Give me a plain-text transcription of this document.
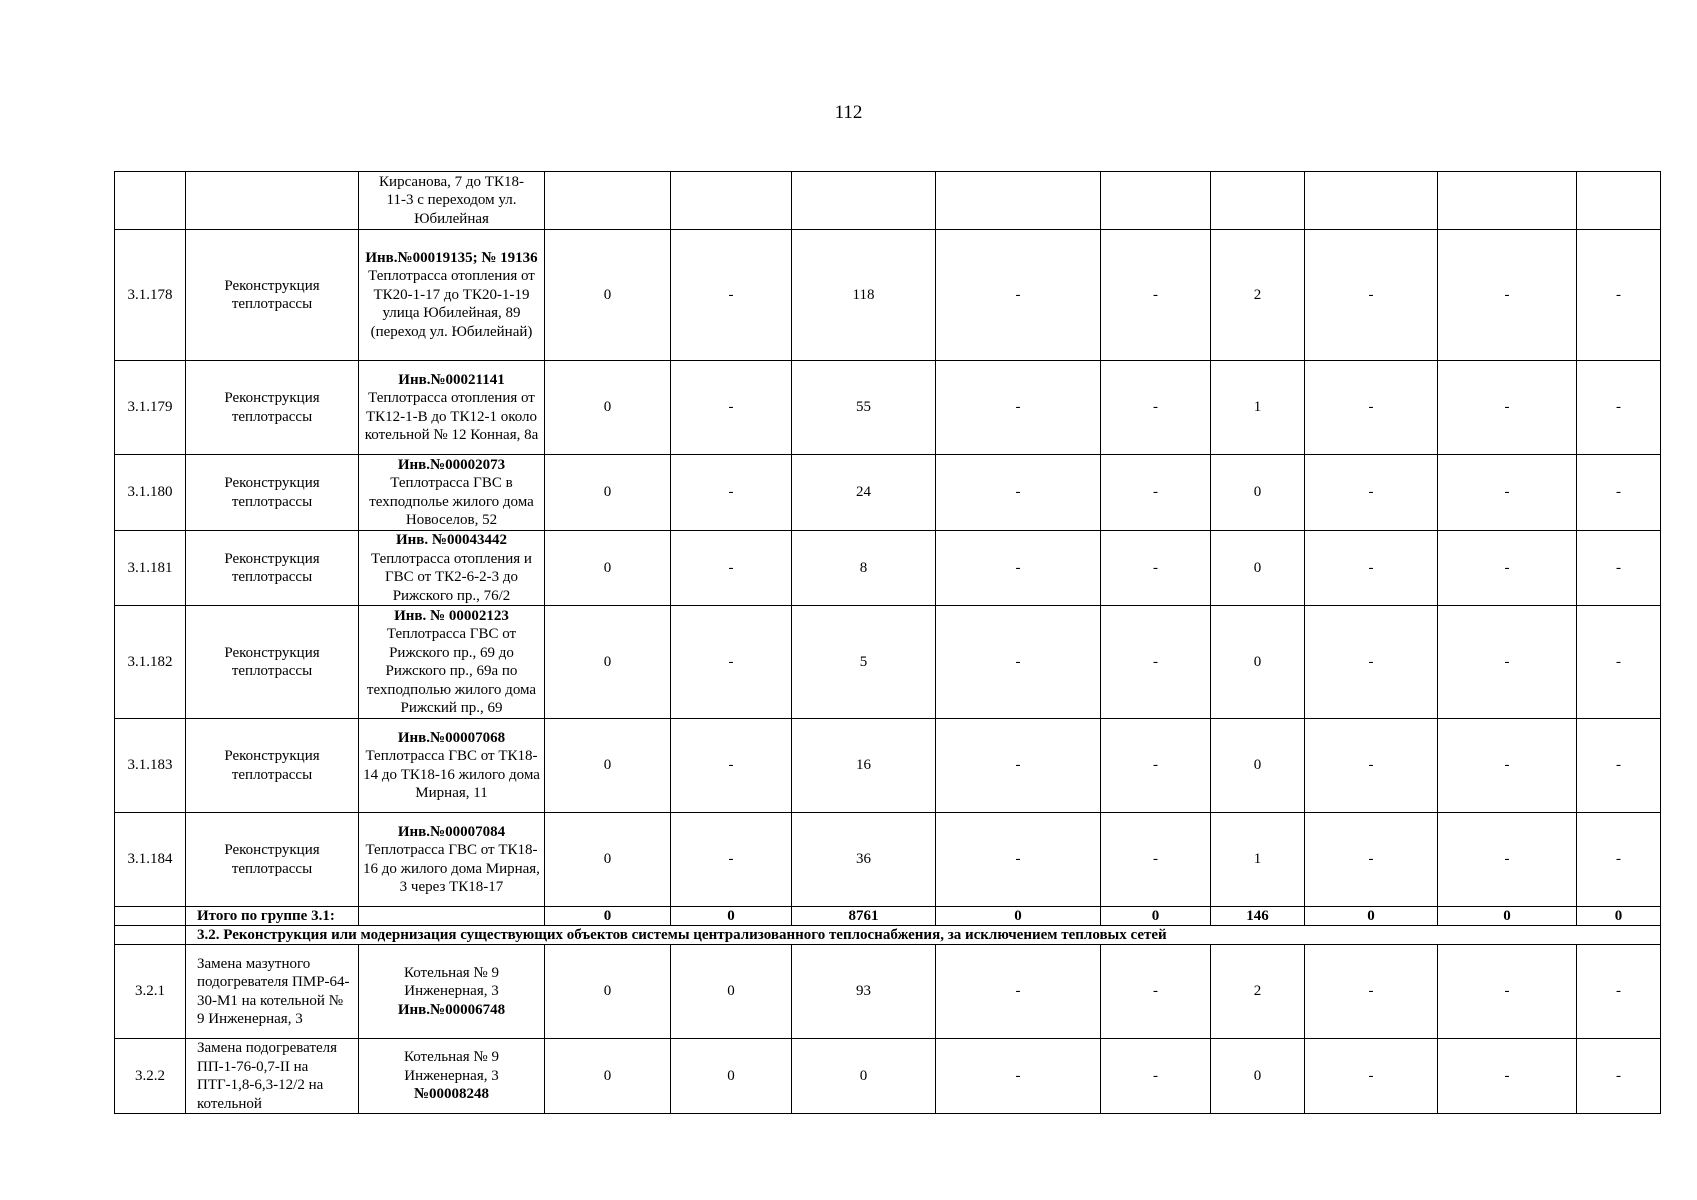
112

		Кирсанова, 7 до ТК18-
11-3 с переходом ул.
Юбилейная									

3.1.178	Реконструкция теплотрассы	Инв.№00019135; № 19136
Теплотрасса отопления от ТК20-1-17 до ТК20-1-19 улица Юбилейная, 89 (переход ул. Юбилейнай)	0	-	118	-	-	2	-	-	-
3.1.179	Реконструкция теплотрассы	Инв.№00021141
Теплотрасса отопления от ТК12-1-В до ТК12-1 около котельной № 12 Конная, 8а	0	-	55	-	-	1	-	-	-
3.1.180	Реконструкция теплотрассы	Инв.№00002073
Теплотрасса ГВС в техподполье жилого дома Новоселов, 52	0	-	24	-	-	0	-	-	-
3.1.181	Реконструкция теплотрассы	Инв. №00043442
Теплотрасса отопления и ГВС от ТК2-6-2-3 до Рижского пр., 76/2	0	-	8	-	-	0	-	-	-
3.1.182	Реконструкция теплотрассы	Инв. № 00002123
Теплотрасса ГВС от Рижского пр., 69 до Рижского пр., 69а по техподполью жилого дома Рижский пр., 69	0	-	5	-	-	0	-	-	-
3.1.183	Реконструкция теплотрассы	Инв.№00007068
Теплотрасса ГВС от ТК18-14 до ТК18-16 жилого дома Мирная, 11	0	-	16	-	-	0	-	-	-
3.1.184	Реконструкция теплотрассы	Инв.№00007084
Теплотрасса ГВС от ТК18-16 до жилого дома Мирная, 3 через ТК18-17	0	-	36	-	-	1	-	-	-
	Итого по группе 3.1:		0	0	8761	0	0	146	0	0	0
	3.2. Реконструкция или модернизация существующих объектов системы централизованного теплоснабжения, за исключением тепловых сетей										
3.2.1	Замена мазутного подогревателя ПМР-64-30-М1 на котельной № 9 Инженерная, 3	Котельная № 9
Инженерная, 3
Инв.№00006748	0	0	93	-	-	2	-	-	-
3.2.2	Замена подогревателя ПП-1-76-0,7-II на ПТГ-1,8-6,3-12/2 на котельной	Котельная № 9
Инженерная, 3
№00008248	0	0	0	-	-	0	-	-	-
